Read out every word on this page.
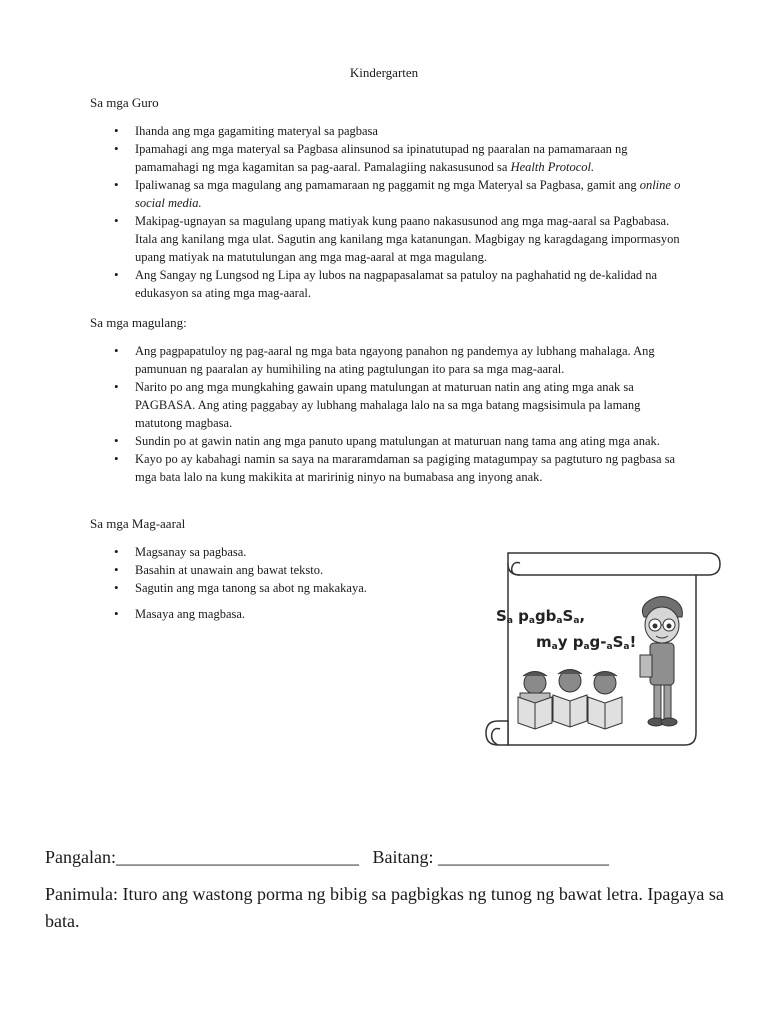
Kindergarten
Sa mga Guro
• Ihanda ang mga gagamiting materyal sa pagbasa
• Ipamahagi ang mga materyal sa Pagbasa alinsunod sa ipinatutupad ng paaralan na pamamaraan ng pamamahagi ng mga kagamitan sa pag-aaral. Pamalagiing nakasusunod sa Health Protocol.
• Ipaliwanag sa mga magulang ang pamamaraan ng paggamit ng mga Materyal sa Pagbasa, gamit ang online o social media.
• Makipag-ugnayan sa magulang upang matiyak kung paano nakasusunod ang mga mag-aaral sa Pagbabasa. Itala ang kanilang mga ulat. Sagutin ang kanilang mga katanungan. Magbigay ng karagdagang impormasyon upang matiyak na matutulungan ang mga mag-aaral at mga magulang.
• Ang Sangay ng Lungsod ng Lipa ay lubos na nagpapasalamat sa patuloy na paghahatid ng de-kalidad na edukasyon sa ating mga mag-aaral.
Sa mga magulang:
• Ang pagpapatuloy ng pag-aaral ng mga bata ngayong panahon ng pandemya ay lubhang mahalaga. Ang pamunuan ng paaralan ay humihiling na ating pagtulungan ito para sa mga mag-aaral.
• Narito po ang mga mungkahing gawain upang matulungan at maturuan natin ang ating mga anak sa PAGBASA. Ang ating paggabay ay lubhang mahalaga lalo na sa mga batang magsisimula pa lamang matutong magbasa.
• Sundin po at gawin natin ang mga panuto upang matulungan at maturuan nang tama ang ating mga anak.
• Kayo po ay kabahagi namin sa saya na mararamdaman sa pagiging matagumpay sa pagtuturo ng pagbasa sa mga bata lalo na kung makikita at maririnig ninyo na bumabasa ang inyong anak.
Sa mga Mag-aaral
• Magsanay sa pagbasa.
• Basahin at unawain ang bawat teksto.
• Sagutin ang mga tanong sa abot ng makakaya.
• Masaya ang magbasa.	Sa pagbaSa,
may pag-aSa!
Pangalan:___________________________ Baitang: ___________________
Panimula: Ituro ang wastong porma ng bibig sa pagbigkas ng tunog ng bawat letra. Ipagaya sa bata.
